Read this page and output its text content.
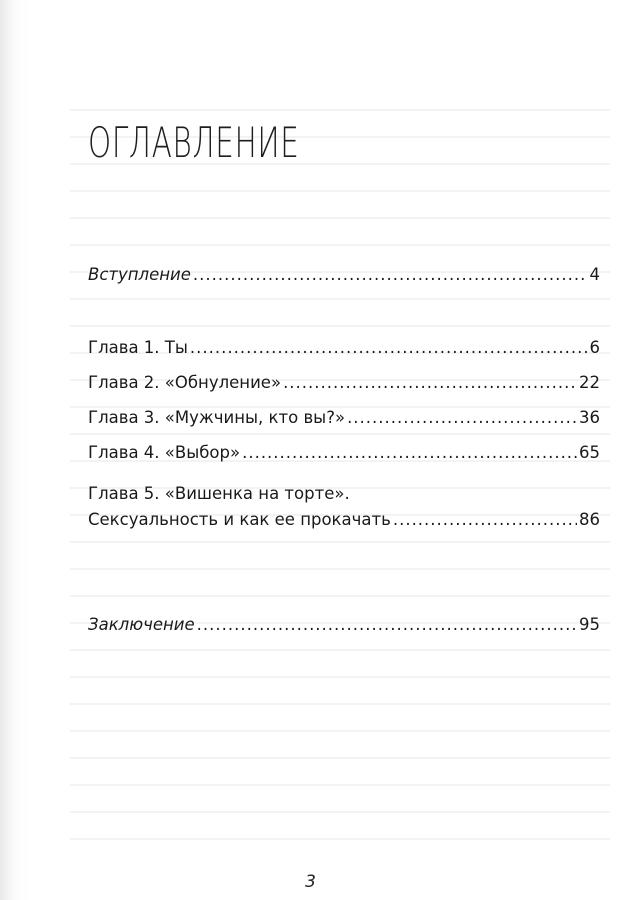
ОГЛАВЛЕНИЕ
Вступление .....	4
Глава 1. Ты .....	6
Глава 2. «Обнуление» .....	22
Глава 3. «Мужчины, кто вы?» .....	36
Глава 4. «Выбор» .....	65
Глава 5. «Вишенка на торте».
Сексуальность и как ее прокачать .....	86
Заключение .....	95
3
